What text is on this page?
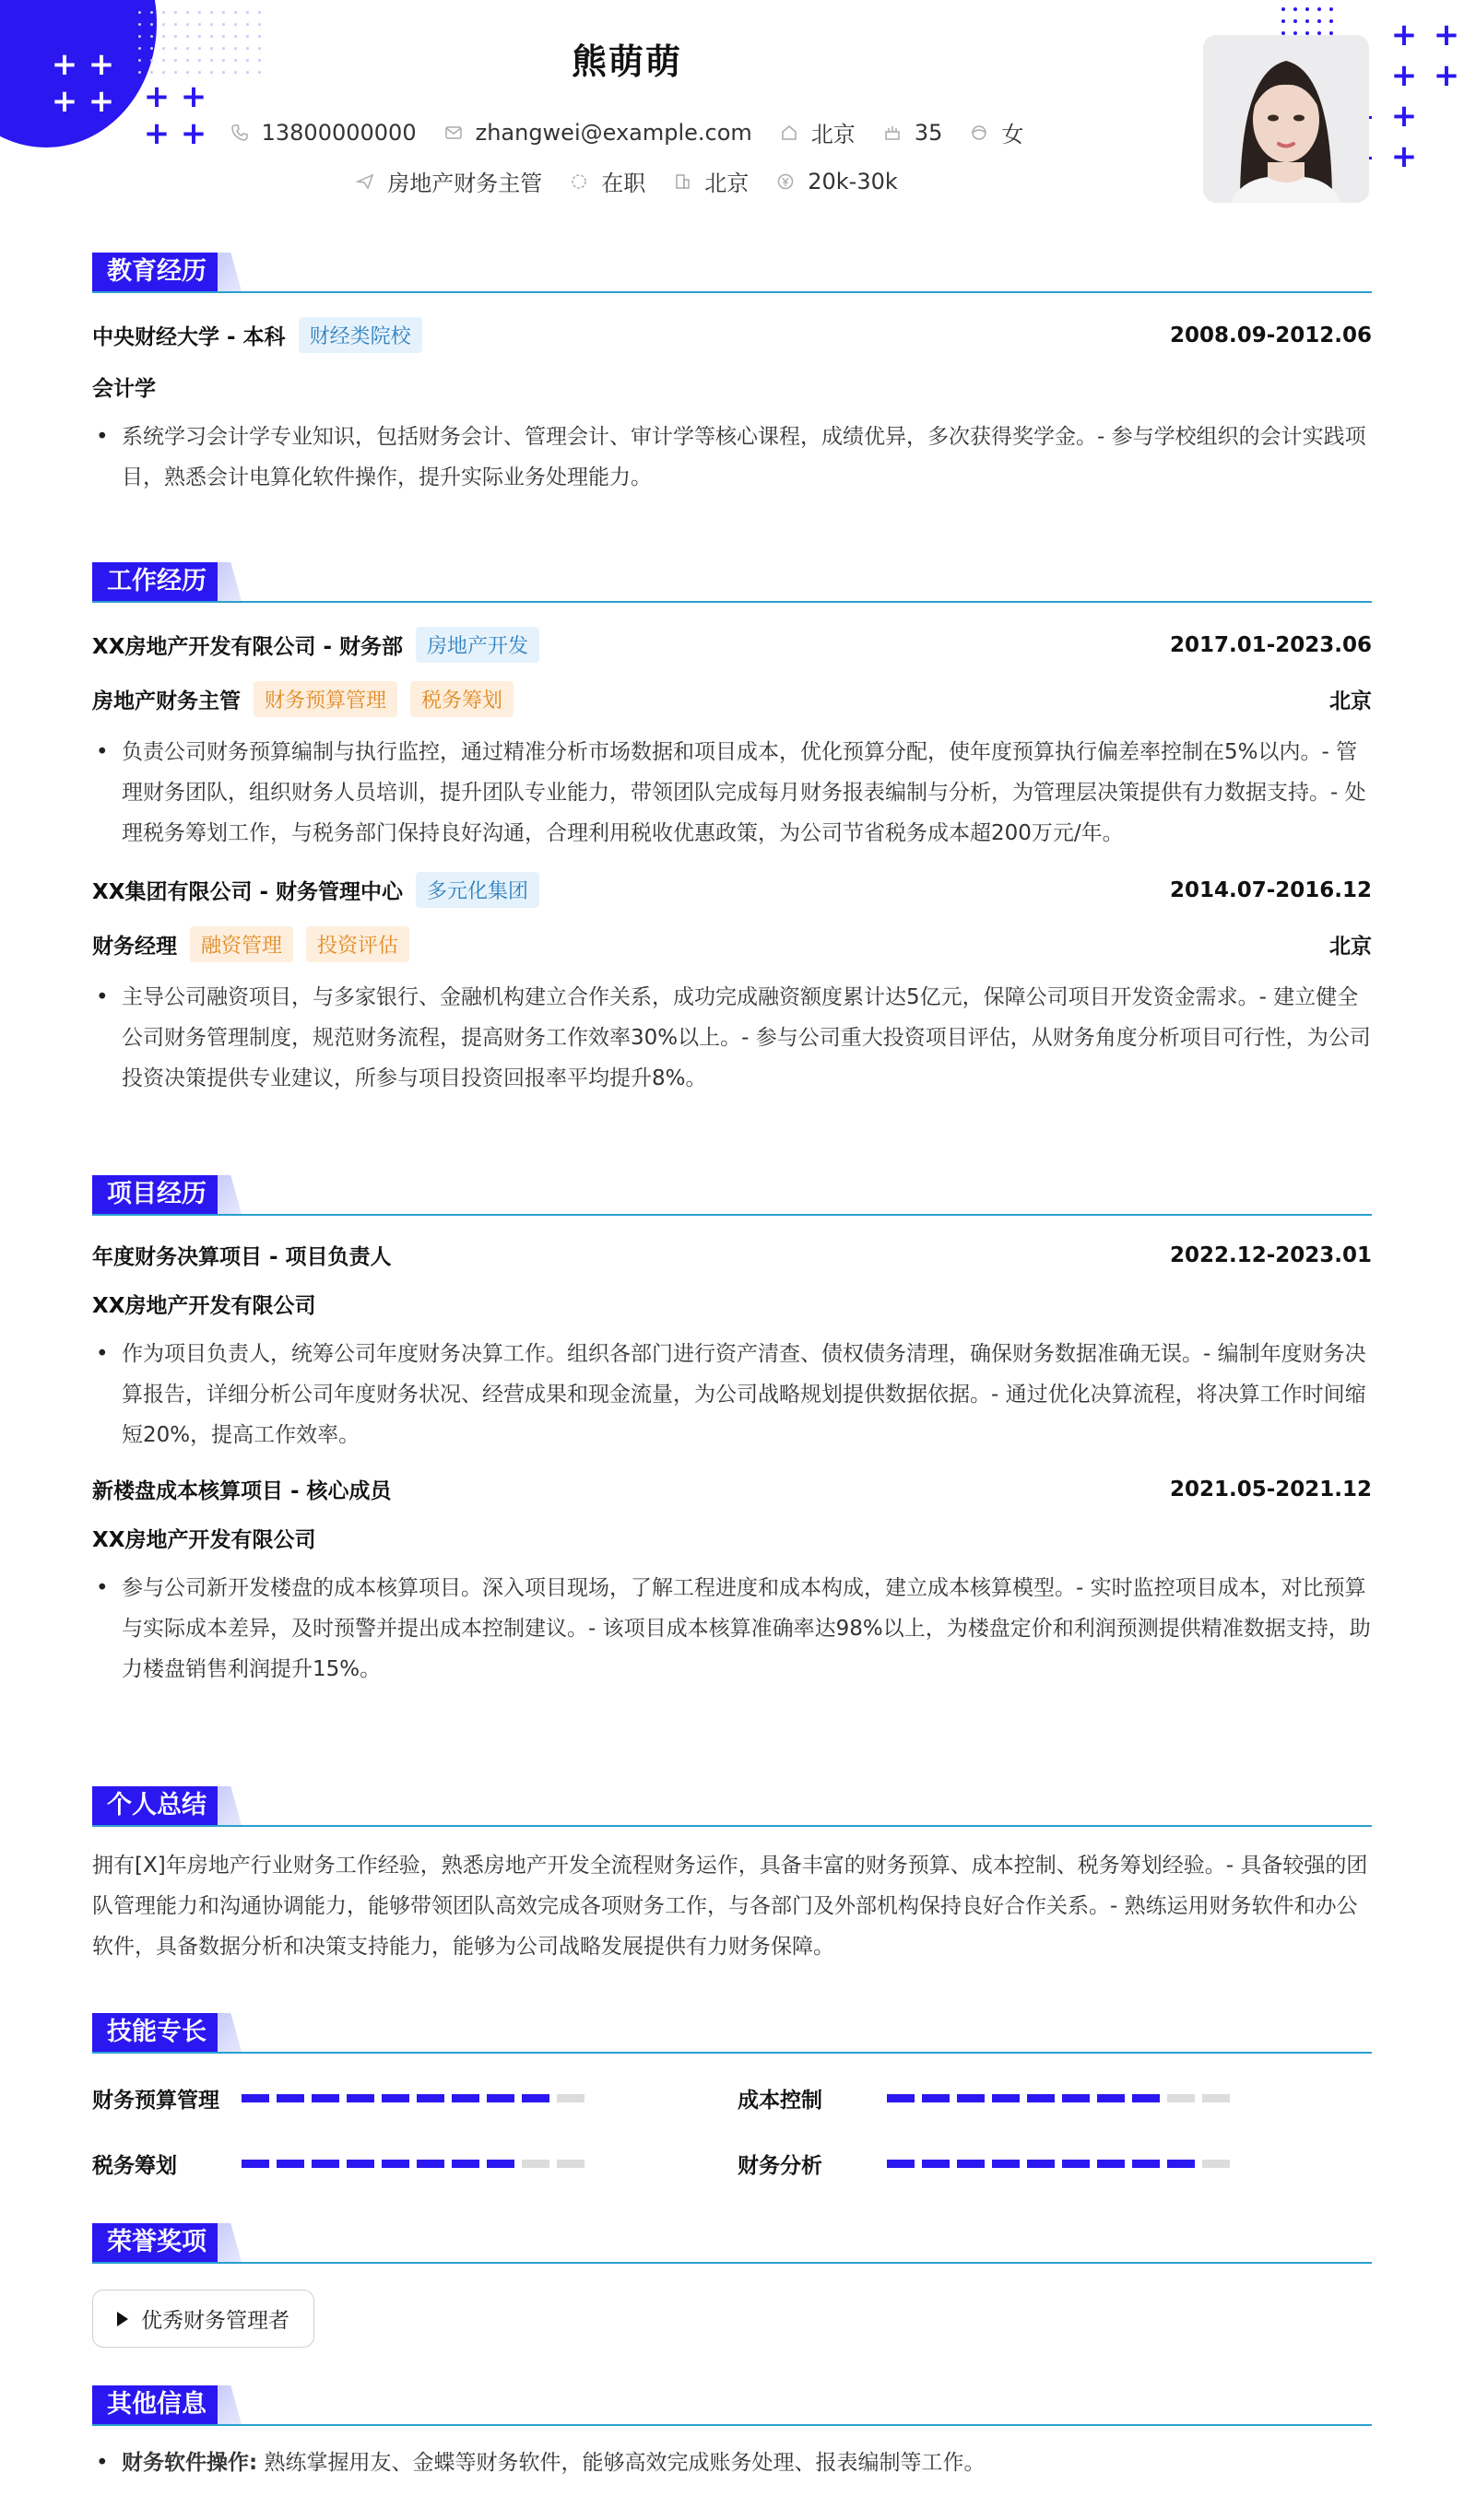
+ +
+ + + +
+ +
+ +
+ +
+
+
熊萌萌
13800000000	zhangwei@example.com	北京	35	女
房地产财务主管	在职	北京	20k-30k
教育经历
中央财经大学 - 本科	财经类院校	2008.09-2012.06
会计学
• 系统学习会计学专业知识，包括财务会计、管理会计、审计学等核心课程，成绩优异，多次获得奖学金。- 参与学校组织的会计实践项目，熟悉会计电算化软件操作，提升实际业务处理能力。
工作经历
XX房地产开发有限公司 - 财务部	房地产开发	2017.01-2023.06
房地产财务主管	财务预算管理	税务筹划	北京
• 负责公司财务预算编制与执行监控，通过精准分析市场数据和项目成本，优化预算分配，使年度预算执行偏差率控制在5%以内。- 管理财务团队，组织财务人员培训，提升团队专业能力，带领团队完成每月财务报表编制与分析，为管理层决策提供有力数据支持。- 处理税务筹划工作，与税务部门保持良好沟通，合理利用税收优惠政策，为公司节省税务成本超200万元/年。
XX集团有限公司 - 财务管理中心	多元化集团	2014.07-2016.12
财务经理	融资管理	投资评估	北京
• 主导公司融资项目，与多家银行、金融机构建立合作关系，成功完成融资额度累计达5亿元，保障公司项目开发资金需求。- 建立健全公司财务管理制度，规范财务流程，提高财务工作效率30%以上。- 参与公司重大投资项目评估，从财务角度分析项目可行性，为公司投资决策提供专业建议，所参与项目投资回报率平均提升8%。
项目经历
年度财务决算项目 - 项目负责人	2022.12-2023.01
XX房地产开发有限公司
• 作为项目负责人，统筹公司年度财务决算工作。组织各部门进行资产清查、债权债务清理，确保财务数据准确无误。- 编制年度财务决算报告，详细分析公司年度财务状况、经营成果和现金流量，为公司战略规划提供数据依据。- 通过优化决算流程，将决算工作时间缩短20%，提高工作效率。
新楼盘成本核算项目 - 核心成员	2021.05-2021.12
XX房地产开发有限公司
• 参与公司新开发楼盘的成本核算项目。深入项目现场，了解工程进度和成本构成，建立成本核算模型。- 实时监控项目成本，对比预算与实际成本差异，及时预警并提出成本控制建议。- 该项目成本核算准确率达98%以上，为楼盘定价和利润预测提供精准数据支持，助力楼盘销售利润提升15%。
个人总结
拥有[X]年房地产行业财务工作经验，熟悉房地产开发全流程财务运作，具备丰富的财务预算、成本控制、税务筹划经验。- 具备较强的团队管理能力和沟通协调能力，能够带领团队高效完成各项财务工作，与各部门及外部机构保持良好合作关系。- 熟练运用财务软件和办公软件，具备数据分析和决策支持能力，能够为公司战略发展提供有力财务保障。
技能专长
财务预算管理	成本控制
税务筹划	财务分析
荣誉奖项
优秀财务管理者
其他信息
• 财务软件操作: 熟练掌握用友、金蝶等财务软件，能够高效完成账务处理、报表编制等工作。
